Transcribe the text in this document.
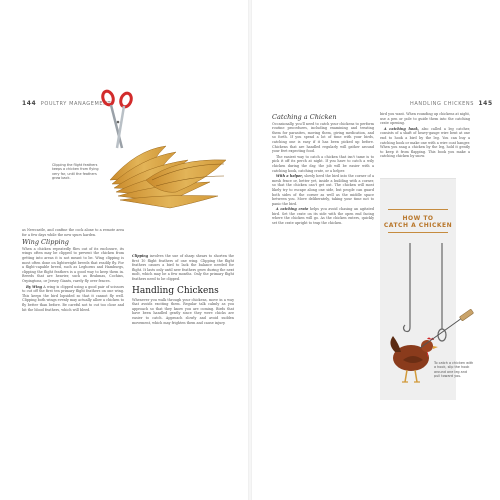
144 POULTRY MANAGEMENT	HANDLING CHICKENS 145
Clipping the flight feathers keeps a chicken from flying very far, until the feathers grow back.

as Newcastle, and confine the cock alone to a remote area for a few days while the new spurs harden.

Wing Clipping

When a chicken repeatedly flies out of its enclosure, its wings often may be clipped to prevent the chicken from getting into areas it is not meant to be. Wing clipping is most often done on lightweight breeds that readily fly. For a flight-capable breed, such as Leghorns and Hamburgs, clipping the flight feathers is a good way to keep them in. Breeds that are heavier, such as Brahmas, Cochins, Orpingtons, or Jersey Giants, rarely fly over fences.

By Wing A wing is clipped using a good pair of scissors to cut off the first ten primary flight feathers on one wing. This keeps the bird lopsided so that it cannot fly well. Clipping both wings evenly may actually allow a chicken to fly better than before. Be careful not to cut too close and hit the blood feathers, which will bleed.

Clipping involves the use of sharp shears to shorten the first 10 flight feathers of one wing. Clipping the flight feathers causes a bird to lack the balance needed for flight. It lasts only until new feathers grow during the next molt, which may be a few months. Only the primary flight feathers need to be clipped.

Handling Chickens

Whenever you walk through your chickens, move in a way that avoids exciting them. Regular talk calmly as you approach so that they know you are coming. Birds that have been handled gently since they were chicks are easier to catch. Approach slowly and avoid sudden movement, which may frighten them and cause injury.

Catching a Chicken

Occasionally, you'll need to catch your chickens to perform routine procedures, including examining and treating them for parasites, moving them, giving medication, and so forth. If you spend a lot of time with your birds, catching one is easy if it has been picked up before. Chickens that are handled regularly will gather around your feet expecting food.

The easiest way to catch a chicken that isn't tame is to pick it off its perch at night. If you have to catch a wily chicken during the day, the job will be easier with a catching hook, catching crate, or a helper.

With a helper, slowly herd the bird into the corner of a mesh fence or, better yet, inside a building with a corner, so that the chicken can't get out. The chicken will most likely try to escape along one side, but people can guard both sides of the corner as well as the middle space between you. Move deliberately, taking your time not to panic the bird.

A catching crate helps you avoid chasing an agitated bird. Set the crate on its side with the open end facing where the chicken will go. As the chicken enters, quickly set the crate upright to trap the chicken.

bird you want. When rounding up chickens at night, use a pen or pole to guide them into the catching crate opening.

A catching hook, also called a leg catcher, consists of a shaft of heavy-gauge wire bent at one end to hook a bird by the leg. You can buy a catching hook or make one with a wire coat hanger. When you snag a chicken by the leg, hold it gently to keep it from flapping. This book you make a catching chicken by snow.

HOW TO
CATCH A CHICKEN
To catch a chicken with a hook, slip the hook around one leg and pull toward you.
